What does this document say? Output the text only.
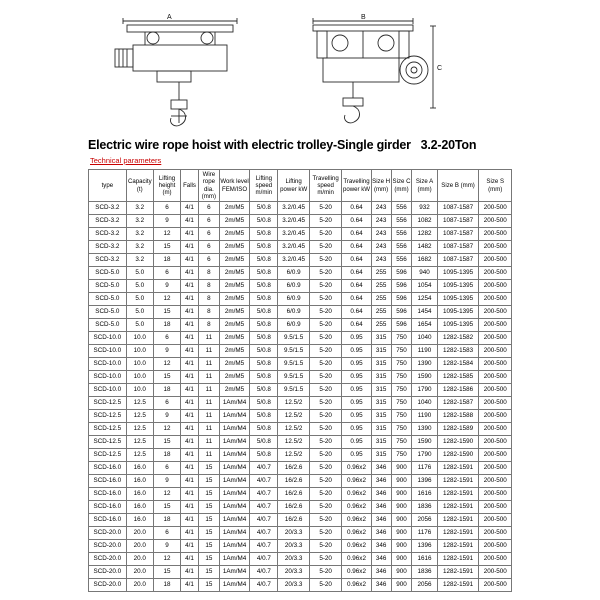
A	B
C
Electric wire rope hoist with electric trolley-Single girder   3.2-20Ton
Technical parameters
type	Capacity (t)	Lifting height (m)	Falls	Wire rope dia. (mm)	Work level FEM/ISO	Lifting speed m/min	Lifting power kW	Travelling speed m/min	Travelling power kW	Size H (mm)	Size C (mm)	Size A (mm)	Size B (mm)	Size S (mm)
SCD-3.2	3.2	6	4/1	6	2m/M5	5/0.8	3.2/0.45	5-20	0.64	243	556	932	1087-1587	200-500
SCD-3.2	3.2	9	4/1	6	2m/M5	5/0.8	3.2/0.45	5-20	0.64	243	556	1082	1087-1587	200-500
SCD-3.2	3.2	12	4/1	6	2m/M5	5/0.8	3.2/0.45	5-20	0.64	243	556	1282	1087-1587	200-500
SCD-3.2	3.2	15	4/1	6	2m/M5	5/0.8	3.2/0.45	5-20	0.64	243	556	1482	1087-1587	200-500
SCD-3.2	3.2	18	4/1	6	2m/M5	5/0.8	3.2/0.45	5-20	0.64	243	556	1682	1087-1587	200-500
SCD-5.0	5.0	6	4/1	8	2m/M5	5/0.8	6/0.9	5-20	0.64	255	596	940	1095-1395	200-500
SCD-5.0	5.0	9	4/1	8	2m/M5	5/0.8	6/0.9	5-20	0.64	255	596	1054	1095-1395	200-500
SCD-5.0	5.0	12	4/1	8	2m/M5	5/0.8	6/0.9	5-20	0.64	255	596	1254	1095-1395	200-500
SCD-5.0	5.0	15	4/1	8	2m/M5	5/0.8	6/0.9	5-20	0.64	255	596	1454	1095-1395	200-500
SCD-5.0	5.0	18	4/1	8	2m/M5	5/0.8	6/0.9	5-20	0.64	255	596	1654	1095-1395	200-500
SCD-10.0	10.0	6	4/1	11	2m/M5	5/0.8	9.5/1.5	5-20	0.95	315	750	1040	1282-1582	200-500
SCD-10.0	10.0	9	4/1	11	2m/M5	5/0.8	9.5/1.5	5-20	0.95	315	750	1190	1282-1583	200-500
SCD-10.0	10.0	12	4/1	11	2m/M5	5/0.8	9.5/1.5	5-20	0.95	315	750	1390	1282-1584	200-500
SCD-10.0	10.0	15	4/1	11	2m/M5	5/0.8	9.5/1.5	5-20	0.95	315	750	1590	1282-1585	200-500
SCD-10.0	10.0	18	4/1	11	2m/M5	5/0.8	9.5/1.5	5-20	0.95	315	750	1790	1282-1586	200-500
SCD-12.5	12.5	6	4/1	11	1Am/M4	5/0.8	12.5/2	5-20	0.95	315	750	1040	1282-1587	200-500
SCD-12.5	12.5	9	4/1	11	1Am/M4	5/0.8	12.5/2	5-20	0.95	315	750	1190	1282-1588	200-500
SCD-12.5	12.5	12	4/1	11	1Am/M4	5/0.8	12.5/2	5-20	0.95	315	750	1390	1282-1589	200-500
SCD-12.5	12.5	15	4/1	11	1Am/M4	5/0.8	12.5/2	5-20	0.95	315	750	1590	1282-1590	200-500
SCD-12.5	12.5	18	4/1	11	1Am/M4	5/0.8	12.5/2	5-20	0.95	315	750	1790	1282-1590	200-500
SCD-16.0	16.0	6	4/1	15	1Am/M4	4/0.7	16/2.6	5-20	0.96x2	346	900	1176	1282-1591	200-500
SCD-16.0	16.0	9	4/1	15	1Am/M4	4/0.7	16/2.6	5-20	0.96x2	346	900	1396	1282-1591	200-500
SCD-16.0	16.0	12	4/1	15	1Am/M4	4/0.7	16/2.6	5-20	0.96x2	346	900	1616	1282-1591	200-500
SCD-16.0	16.0	15	4/1	15	1Am/M4	4/0.7	16/2.6	5-20	0.96x2	346	900	1836	1282-1591	200-500
SCD-16.0	16.0	18	4/1	15	1Am/M4	4/0.7	16/2.6	5-20	0.96x2	346	900	2056	1282-1591	200-500
SCD-20.0	20.0	6	4/1	15	1Am/M4	4/0.7	20/3.3	5-20	0.96x2	346	900	1176	1282-1591	200-500
SCD-20.0	20.0	9	4/1	15	1Am/M4	4/0.7	20/3.3	5-20	0.96x2	346	900	1396	1282-1591	200-500
SCD-20.0	20.0	12	4/1	15	1Am/M4	4/0.7	20/3.3	5-20	0.96x2	346	900	1616	1282-1591	200-500
SCD-20.0	20.0	15	4/1	15	1Am/M4	4/0.7	20/3.3	5-20	0.96x2	346	900	1836	1282-1591	200-500
SCD-20.0	20.0	18	4/1	15	1Am/M4	4/0.7	20/3.3	5-20	0.96x2	346	900	2056	1282-1591	200-500
